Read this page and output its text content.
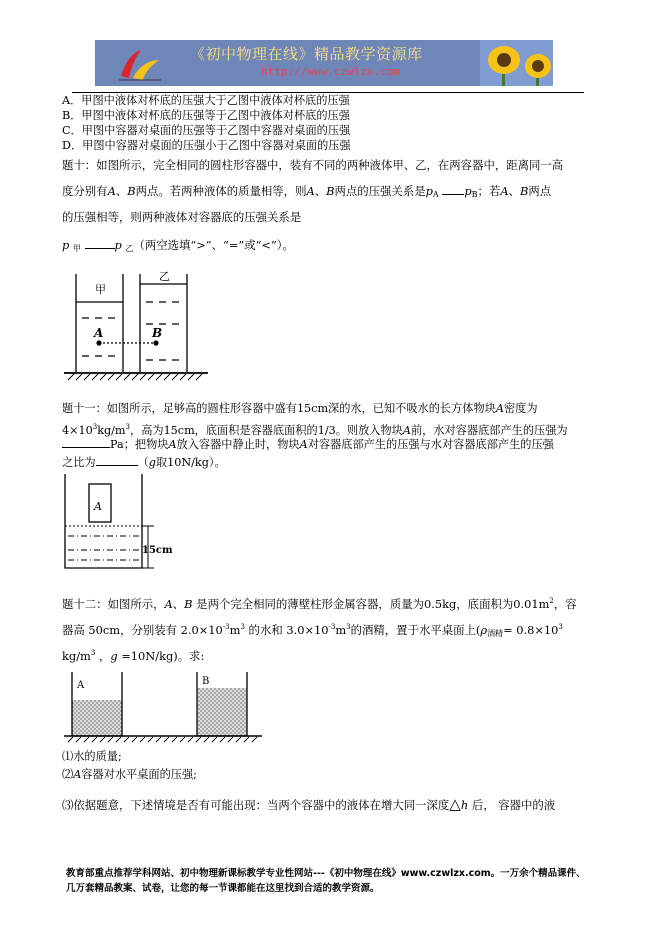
《初中物理在线》精品教学资源库
http://www.czwlzx.com
A．甲图中液体对杯底的压强大于乙图中液体对杯底的压强
B．甲图中液体对杯底的压强等于乙图中液体对杯底的压强
C．甲图中容器对桌面的压强等于乙图中容器对桌面的压强
D．甲图中容器对桌面的压强小于乙图中容器对桌面的压强
题十：如图所示，完全相同的圆柱形容器中，装有不同的两种液体甲、乙，在两容器中，距离同一高
度分别有A、B两点。若两种液体的质量相等，则A、B两点的压强关系是$p_A$ $p_B$；若A、B两点
的压强相等，则两种液体对容器底的压强关系是
p $_甲$	p $_乙$（两空选填“>”、“=”或“<”）。
甲
乙
A	B
题十一：如图所示，足够高的圆柱形容器中盛有15cm深的水，已知不吸水的长方体物块A密度为
$4\times 10^3kg/m^3$，高为15cm，底面积是容器底面积的1/3。则放入物块A前，水对容器底部产生的压强为
Pa；把物块A放入容器中静止时，物块A对容器底部产生的压强与水对容器底部产生的压强
之比为	（g取10N/kg）。
A
15cm
题十二：如图所示，A、B 是两个完全相同的薄壁柱形金属容器，质量为0.5kg，底面积为$0.01m^2$，容
器高 50cm，分别装有 $2.0\times 10^{-3}m^3$ 的水和 $3.0\times 10^{-3}m^3$的酒精，置于水平桌面上($\rho_{酒精}= 0.8\times 10^3$
$kg/m^3$ ，g =10N/kg)。求:
A	B
⑴水的质量;
⑵A容器对水平桌面的压强;
⑶依据题意，下述情境是否有可能出现：当两个容器中的液体在增大同一深度△h 后， 容器中的液
教育部重点推荐学科网站、初中物理新课标教学专业性网站---《初中物理在线》www.czwlzx.com。一万余个精品课件、
几万套精品教案、试卷，让您的每一节课都能在这里找到合适的教学资源。
